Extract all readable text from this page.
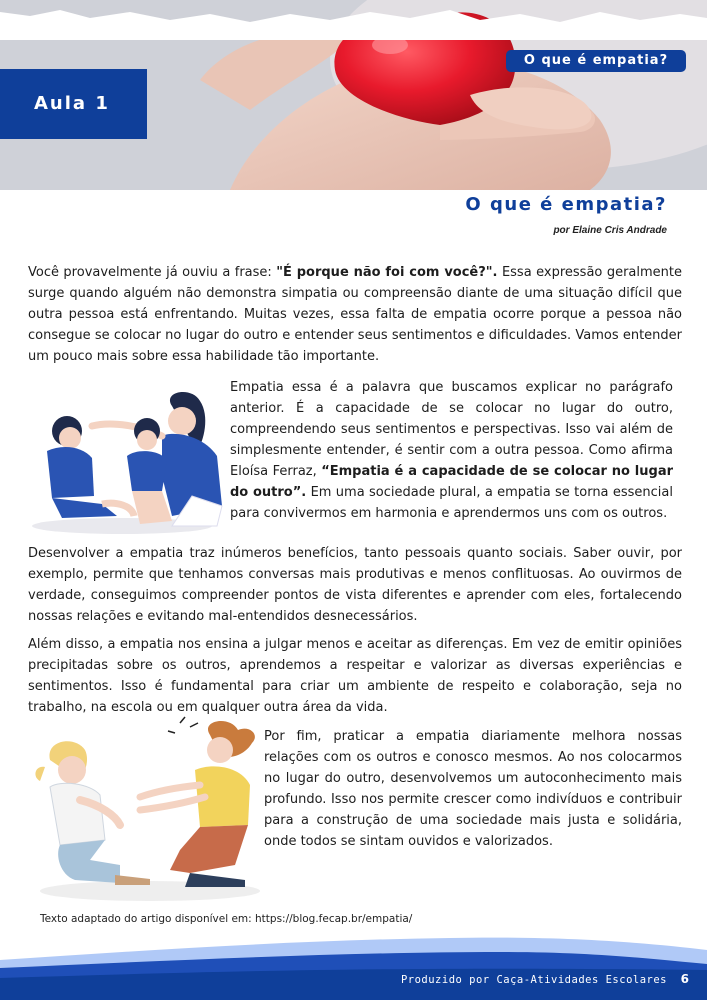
O que é empatia?
Aula 1
O que é empatia?
por Elaine Cris Andrade
Você provavelmente já ouviu a frase: "É porque não foi com você?". Essa expressão geralmente surge quando alguém não demonstra simpatia ou compreensão diante de uma situação difícil que outra pessoa está enfrentando. Muitas vezes, essa falta de empatia ocorre porque a pessoa não consegue se colocar no lugar do outro e entender seus sentimentos e dificuldades. Vamos entender um pouco mais sobre essa habilidade tão importante.
Empatia essa é a palavra que buscamos explicar no parágrafo anterior. É a capacidade de se colocar no lugar do outro, compreendendo seus sentimentos e perspectivas. Isso vai além de simplesmente entender, é sentir com a outra pessoa. Como afirma Eloísa Ferraz, “Empatia é a capacidade de se colocar no lugar do outro”. Em uma sociedade plural, a empatia se torna essencial para convivermos em harmonia e aprendermos uns com os outros.
Desenvolver a empatia traz inúmeros benefícios, tanto pessoais quanto sociais. Saber ouvir, por exemplo, permite que tenhamos conversas mais produtivas e menos conflituosas. Ao ouvirmos de verdade, conseguimos compreender pontos de vista diferentes e aprender com eles, fortalecendo nossas relações e evitando mal-entendidos desnecessários.
Além disso, a empatia nos ensina a julgar menos e aceitar as diferenças. Em vez de emitir opiniões precipitadas sobre os outros, aprendemos a respeitar e valorizar as diversas experiências e sentimentos. Isso é fundamental para criar um ambiente de respeito e colaboração, seja no trabalho, na escola ou em qualquer outra área da vida.
Por fim, praticar a empatia diariamente melhora nossas relações com os outros e conosco mesmos. Ao nos colocarmos no lugar do outro, desenvolvemos um autoconhecimento mais profundo. Isso nos permite crescer como indivíduos e contribuir para a construção de uma sociedade mais justa e solidária, onde todos se sintam ouvidos e valorizados.
Texto adaptado do artigo disponível em: https://blog.fecap.br/empatia/
Produzido por Caça-Atividades Escolares 6
